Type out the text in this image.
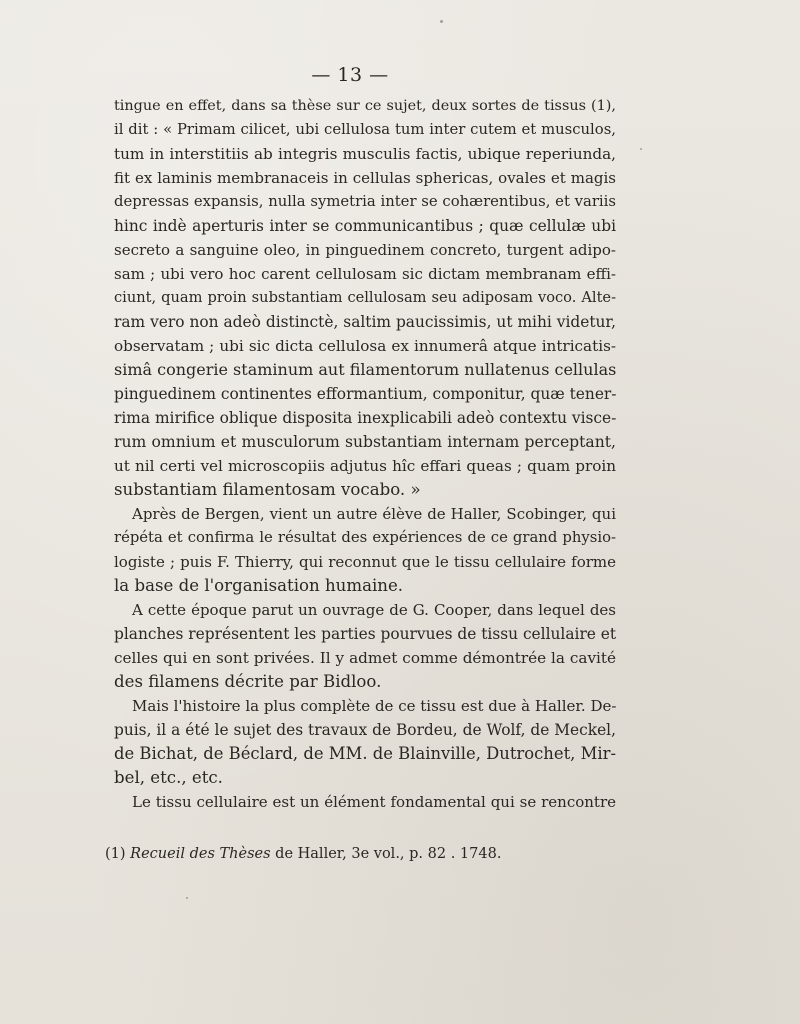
— 13 —
tingue en effet, dans sa thèse sur ce sujet, deux sortes de tissus (1),
il dit : « Primam cilicet, ubi cellulosa tum inter cutem et musculos,
tum in interstitiis ab integris musculis factis, ubique reperiunda,
fit ex laminis membranaceis in cellulas sphericas, ovales et magis
depressas expansis, nulla symetria inter se cohærentibus, et variis
hinc indè aperturis inter se communicantibus ; quæ cellulæ ubi
secreto a sanguine oleo, in pinguedinem concreto, turgent adipo-
sam ; ubi vero hoc carent cellulosam sic dictam membranam effi-
ciunt, quam proin substantiam cellulosam seu adiposam voco. Alte-
ram vero non adeò distinctè, saltim paucissimis, ut mihi videtur,
observatam ; ubi sic dicta cellulosa ex innumerâ atque intricatis-
simâ congerie staminum aut filamentorum nullatenus cellulas
pinguedinem continentes efformantium, componitur, quæ tener-
rima mirifice oblique disposita inexplicabili adeò contextu visce-
rum omnium et musculorum substantiam internam perceptant,
ut nil certi vel microscopiis adjutus hîc effari queas ; quam proin
substantiam filamentosam vocabo. »
Après de Bergen, vient un autre élève de Haller, Scobinger, qui
répéta et confirma le résultat des expériences de ce grand physio-
logiste ; puis F. Thierry, qui reconnut que le tissu cellulaire forme
la base de l'organisation humaine.
A cette époque parut un ouvrage de G. Cooper, dans lequel des
planches représentent les parties pourvues de tissu cellulaire et
celles qui en sont privées. Il y admet comme démontrée la cavité
des filamens décrite par Bidloo.
Mais l'histoire la plus complète de ce tissu est due à Haller. De-
puis, il a été le sujet des travaux de Bordeu, de Wolf, de Meckel,
de Bichat, de Béclard, de MM. de Blainville, Dutrochet, Mir-
bel, etc., etc.
Le tissu cellulaire est un élément fondamental qui se rencontre
(1) Recueil des Thèses de Haller, 3e vol., p. 82 . 1748.
